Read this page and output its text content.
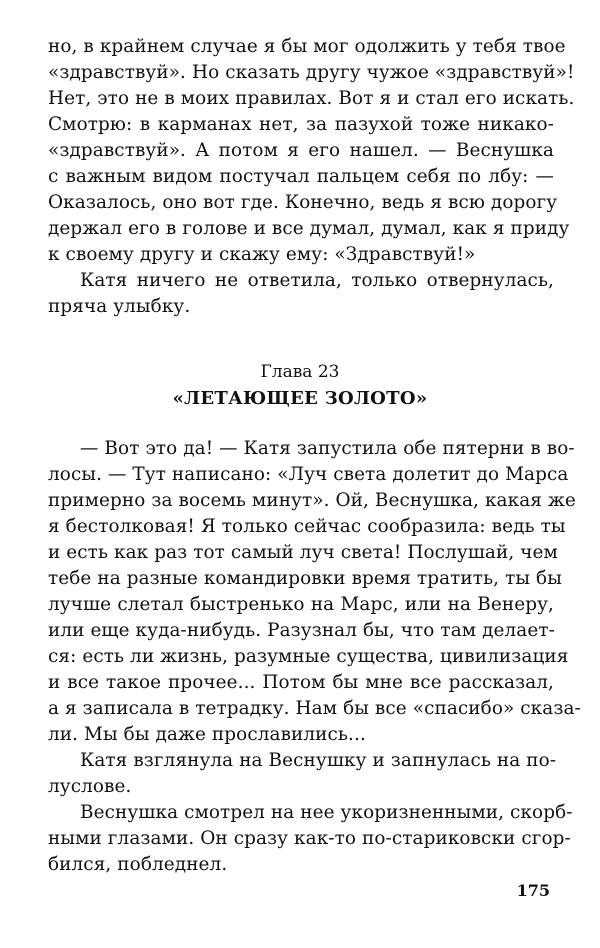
но, в крайнем случае я бы мог одолжить у тебя твое
«здравствуй». Но сказать другу чужое «здравствуй»!
Нет, это не в моих правилах. Вот я и стал его искать.
Смотрю: в карманах нет, за пазухой тоже никако-
«здравствуй». А потом я его нашел. — Веснушка
с важным видом постучал пальцем себя по лбу: —
Оказалось, оно вот где. Конечно, ведь я всю дорогу
держал его в голове и все думал, думал, как я приду
к своему другу и скажу ему: «Здравствуй!»
Катя ничего не ответила, только отвернулась,
пряча улыбку.
Глава 23
«ЛЕТАЮЩЕЕ ЗОЛОТО»
— Вот это да! — Катя запустила обе пятерни в во-
лосы. — Тут написано: «Луч света долетит до Марса
примерно за восемь минут». Ой, Веснушка, какая же
я бестолковая! Я только сейчас сообразила: ведь ты
и есть как раз тот самый луч света! Послушай, чем
тебе на разные командировки время тратить, ты бы
лучше слетал быстренько на Марс, или на Венеру,
или еще куда-нибудь. Разузнал бы, что там делает-
ся: есть ли жизнь, разумные существа, цивилизация
и все такое прочее... Потом бы мне все рассказал,
а я записала в тетрадку. Нам бы все «спасибо» сказа-
ли. Мы бы даже прославились...
Катя взглянула на Веснушку и запнулась на по-
луслове.
Веснушка смотрел на нее укоризненными, скорб-
ными глазами. Он сразу как-то по-стариковски сгор-
бился, побледнел.
175
